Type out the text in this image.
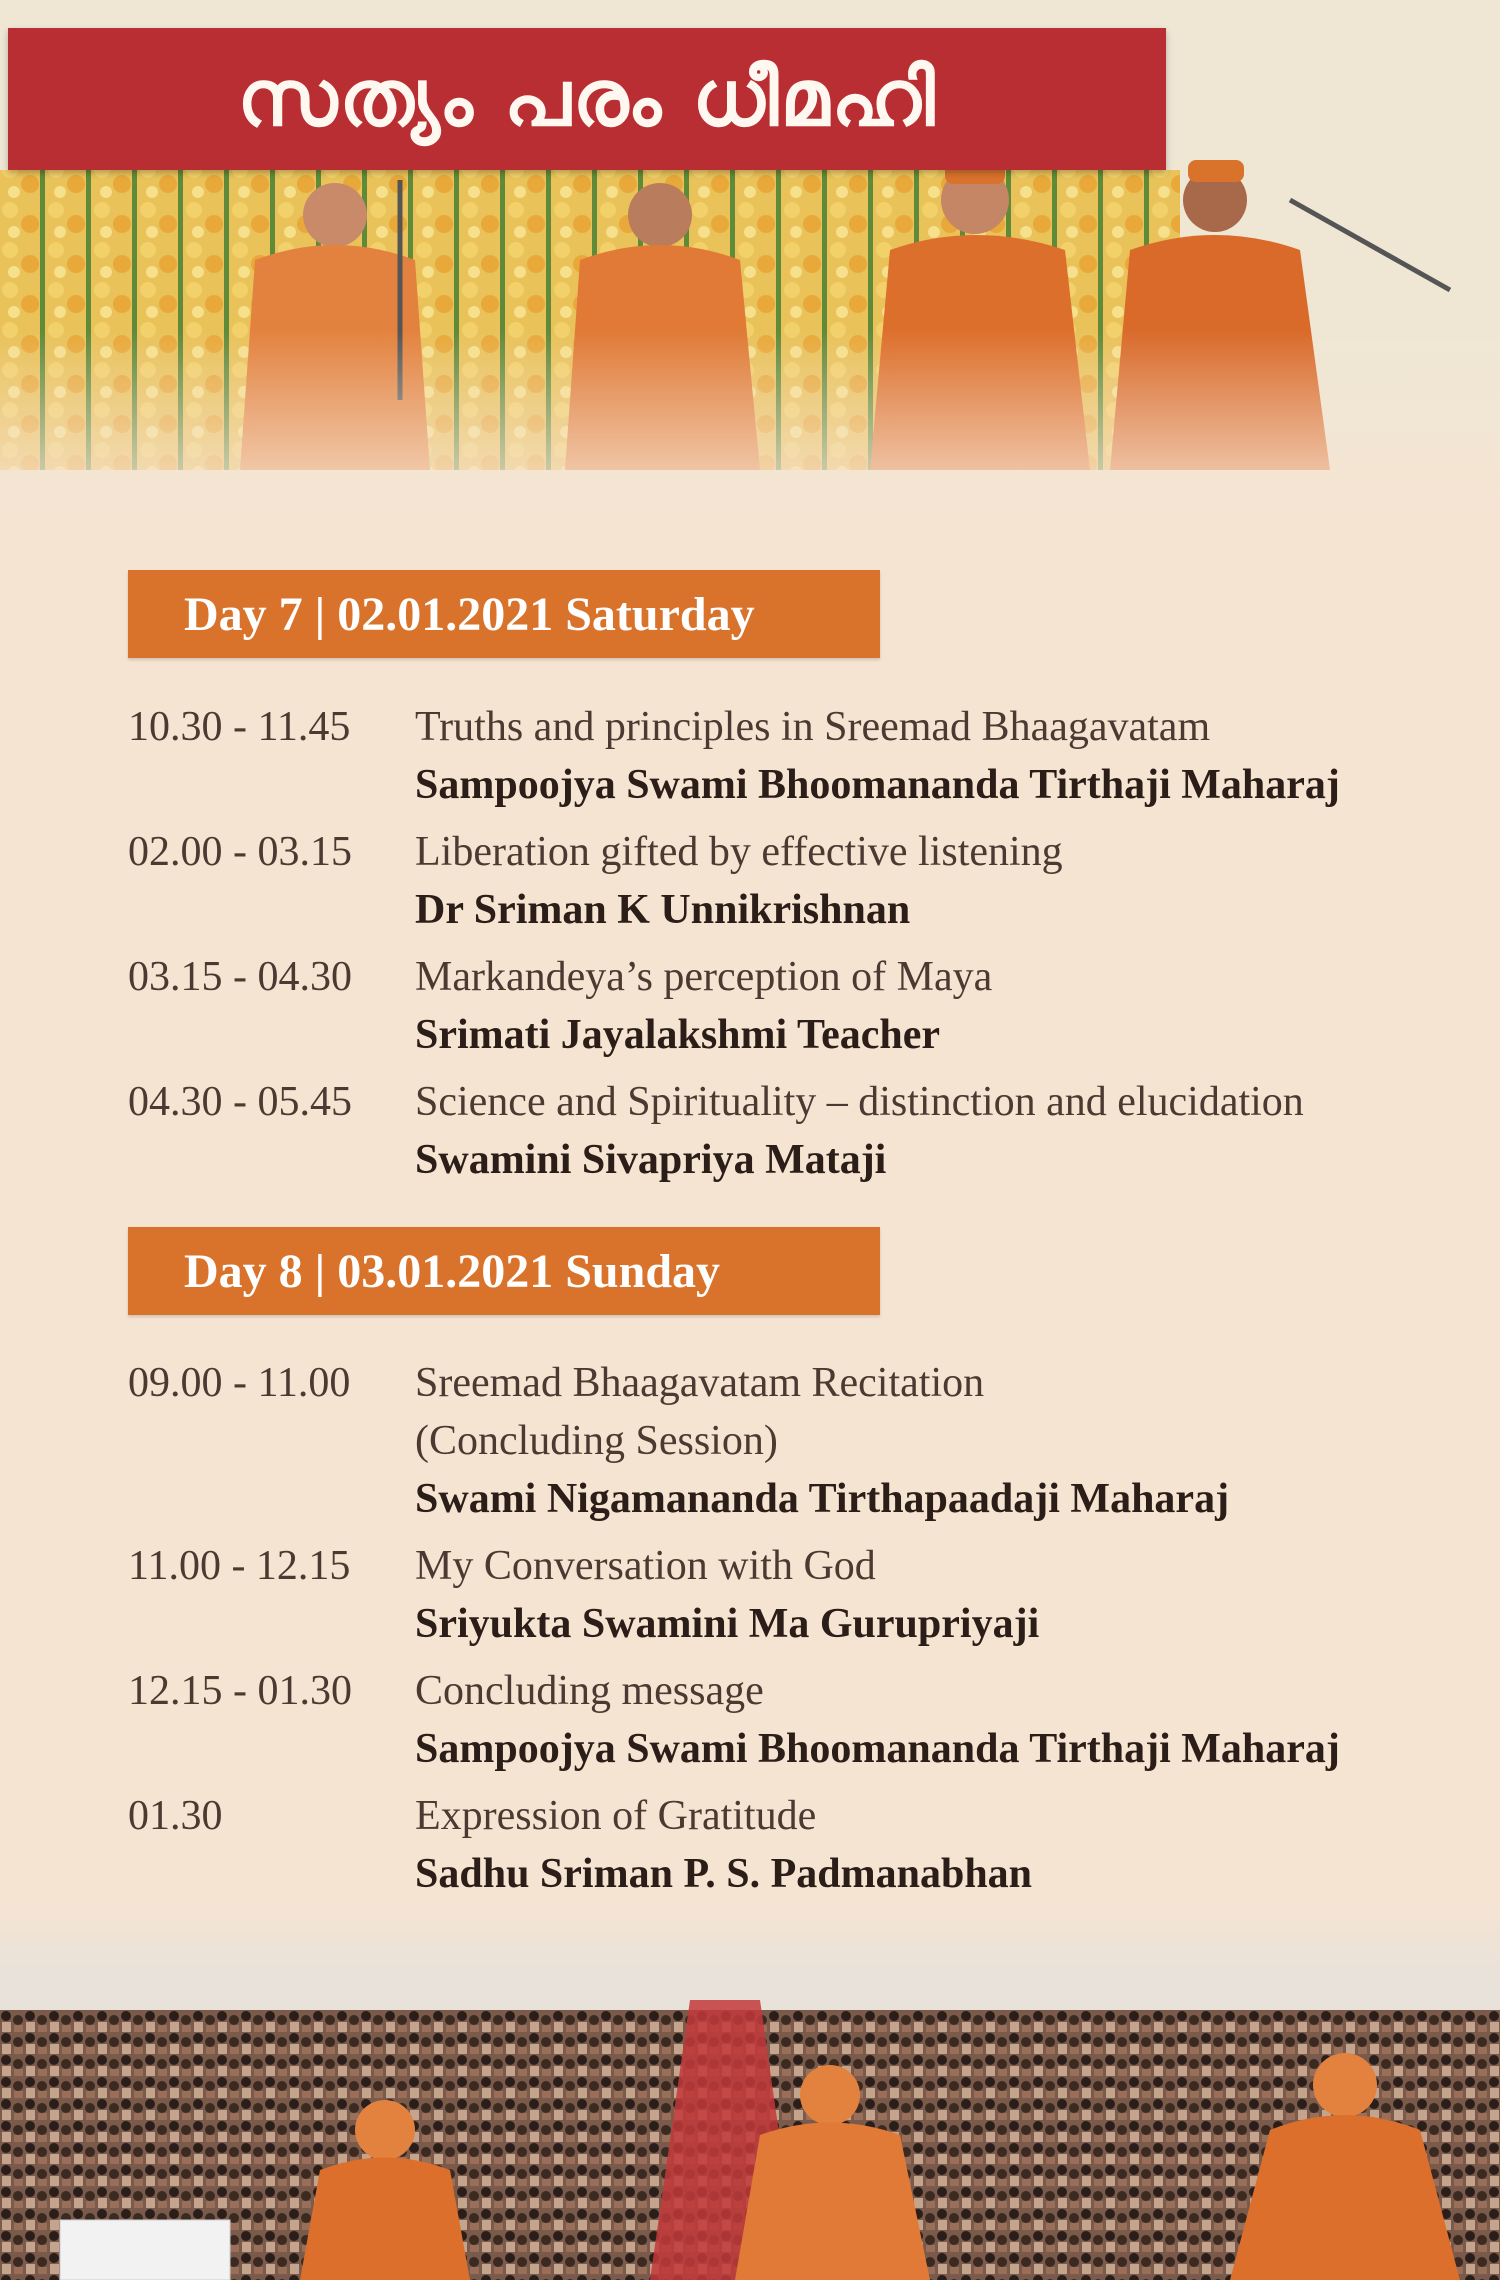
സത്യം പരം ധീമഹി
Day 7 | 02.01.2021 Saturday
10.30 - 11.45	Truths and principles in Sreemad Bhaagavatam
Sampoojya Swami Bhoomananda Tirthaji Maharaj
02.00 - 03.15	Liberation gifted by effective listening
Dr Sriman K Unnikrishnan
03.15 - 04.30	Markandeya’s perception of Maya
Srimati Jayalakshmi Teacher
04.30 - 05.45	Science and Spirituality – distinction and elucidation
Swamini Sivapriya Mataji
Day 8 | 03.01.2021 Sunday
09.00 - 11.00	Sreemad Bhaagavatam Recitation
(Concluding Session)
Swami Nigamananda Tirthapaadaji Maharaj
11.00 - 12.15	My Conversation with God
Sriyukta Swamini Ma Gurupriyaji
12.15 - 01.30	Concluding message
Sampoojya Swami Bhoomananda Tirthaji Maharaj
01.30	Expression of Gratitude
Sadhu Sriman P. S. Padmanabhan
